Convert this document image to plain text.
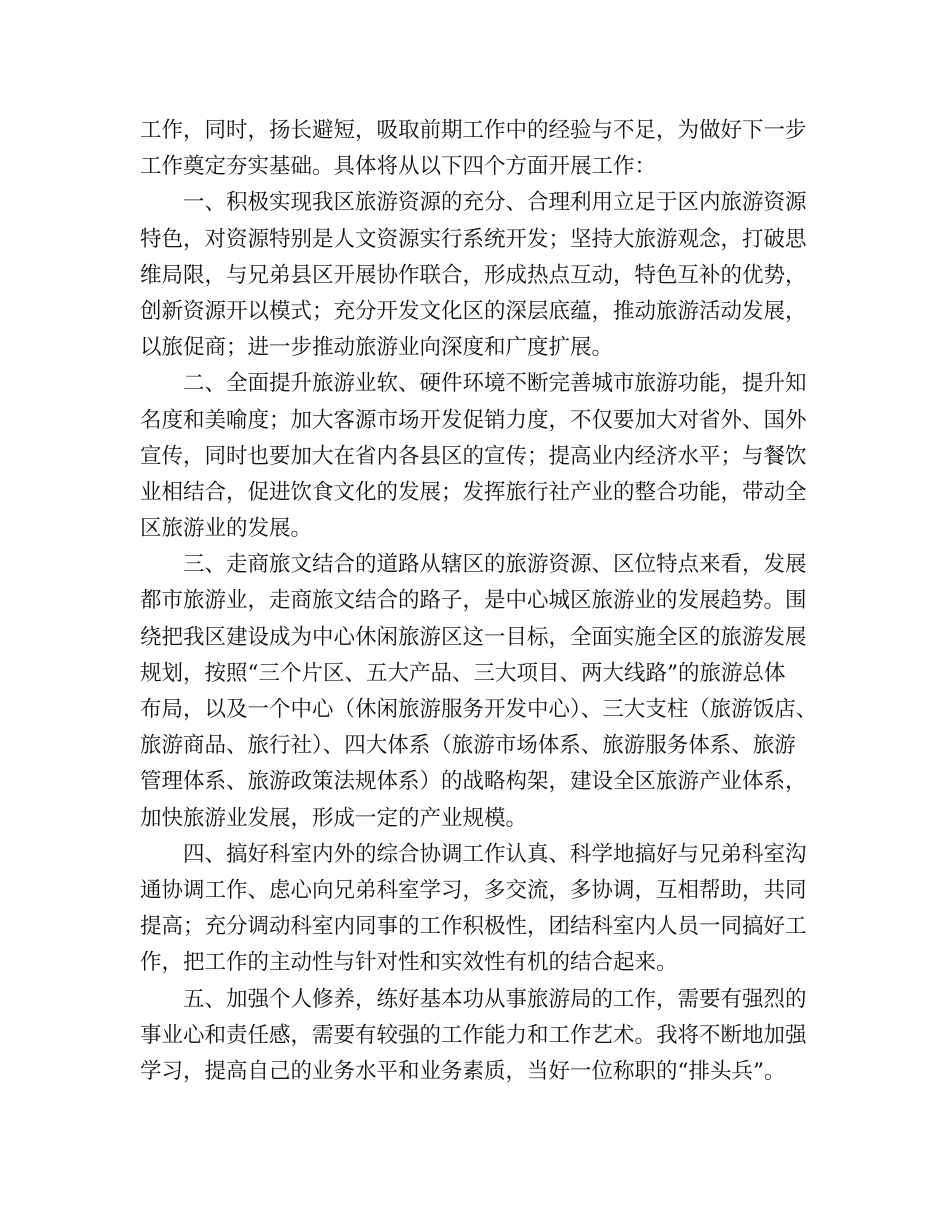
工作，同时，扬长避短，吸取前期工作中的经验与不足，为做好下一步
工作奠定夯实基础。具体将从以下四个方面开展工作：
一、积极实现我区旅游资源的充分、合理利用立足于区内旅游资源
特色，对资源特别是人文资源实行系统开发；坚持大旅游观念，打破思
维局限，与兄弟县区开展协作联合，形成热点互动，特色互补的优势，
创新资源开以模式；充分开发文化区的深层底蕴，推动旅游活动发展，
以旅促商；进一步推动旅游业向深度和广度扩展。
二、全面提升旅游业软、硬件环境不断完善城市旅游功能，提升知
名度和美喻度；加大客源市场开发促销力度，不仅要加大对省外、国外
宣传，同时也要加大在省内各县区的宣传；提高业内经济水平；与餐饮
业相结合，促进饮食文化的发展；发挥旅行社产业的整合功能，带动全
区旅游业的发展。
三、走商旅文结合的道路从辖区的旅游资源、区位特点来看，发展
都市旅游业，走商旅文结合的路子，是中心城区旅游业的发展趋势。围
绕把我区建设成为中心休闲旅游区这一目标，全面实施全区的旅游发展
规划，按照“三个片区、五大产品、三大项目、两大线路”的旅游总体
布局，以及一个中心（休闲旅游服务开发中心）、三大支柱（旅游饭店、
旅游商品、旅行社）、四大体系（旅游市场体系、旅游服务体系、旅游
管理体系、旅游政策法规体系）的战略构架，建设全区旅游产业体系，
加快旅游业发展，形成一定的产业规模。
四、搞好科室内外的综合协调工作认真、科学地搞好与兄弟科室沟
通协调工作、虑心向兄弟科室学习，多交流，多协调，互相帮助，共同
提高；充分调动科室内同事的工作积极性，团结科室内人员一同搞好工
作，把工作的主动性与针对性和实效性有机的结合起来。
五、加强个人修养，练好基本功从事旅游局的工作，需要有强烈的
事业心和责任感，需要有较强的工作能力和工作艺术。我将不断地加强
学习，提高自己的业务水平和业务素质，当好一位称职的“排头兵”。
